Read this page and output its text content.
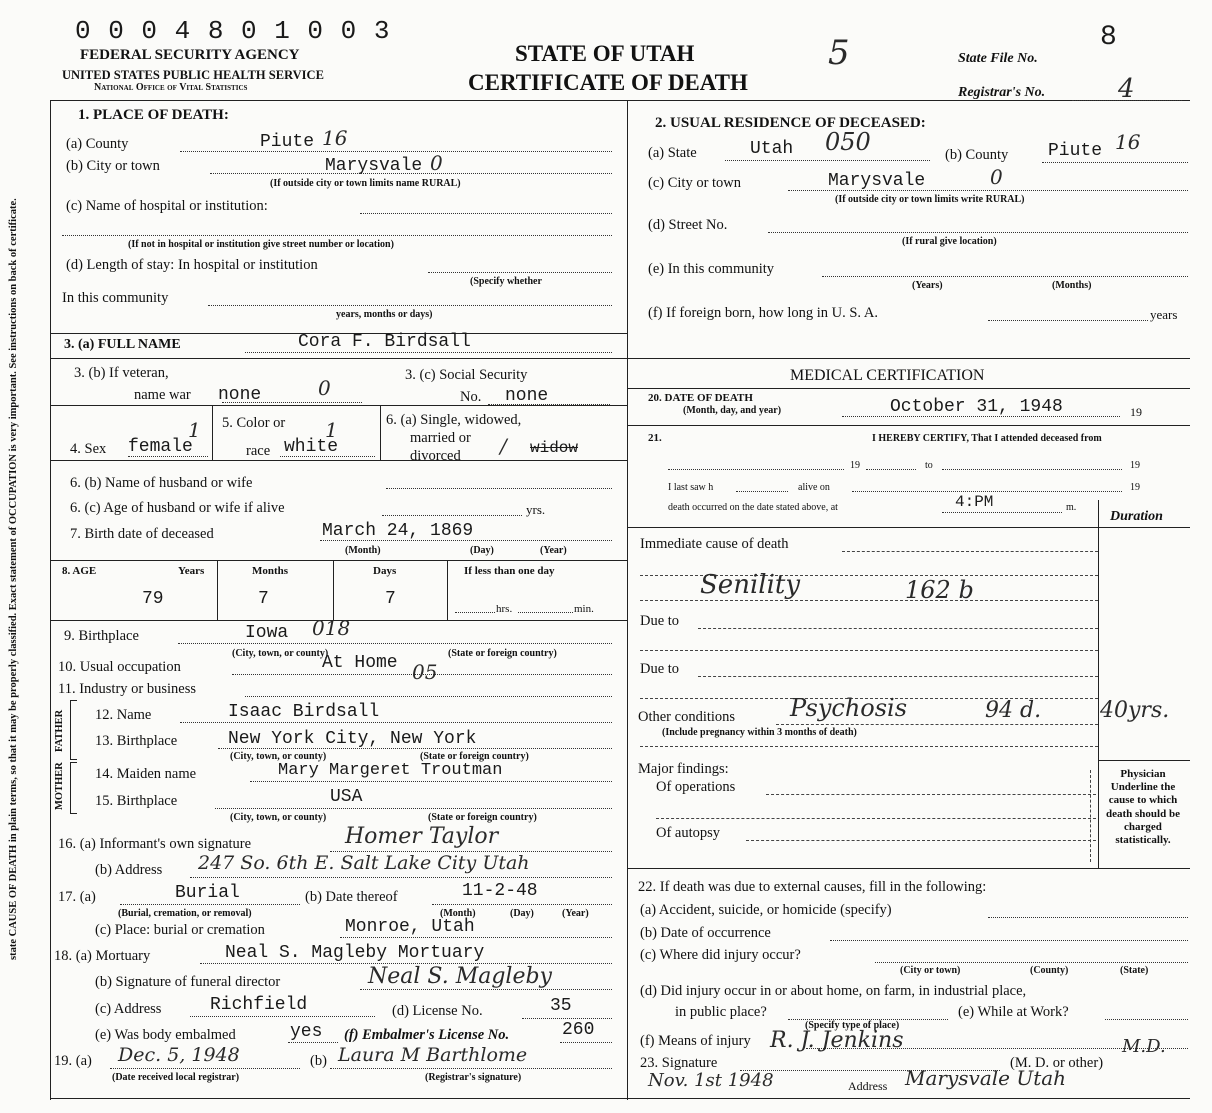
state CAUSE OF DEATH in plain terms, so that it may be properly classified. Exact statement of OCCUPATION is very important. See instructions on back of certificate.
0 0 0 4 8 0 1 0 0 3
FEDERAL SECURITY AGENCY
UNITED STATES PUBLIC HEALTH SERVICE
National Office of Vital Statistics
STATE OF UTAH
CERTIFICATE OF DEATH
5	State File No.
8
Registrar's No.	4
1. PLACE OF DEATH:
(a) County	Piute 16
(b) City or town	Marysvale 0
(If outside city or town limits name RURAL)
(c) Name of hospital or institution:
(If not in hospital or institution give street number or location)
(d) Length of stay: In hospital or institution
(Specify whether
In this community
years, months or days)
2. USUAL RESIDENCE OF DECEASED:
(a) State	Utah 050	(b) County Piute 16
(c) City or town	Marysvale	0
(If outside city or town limits write RURAL)
(d) Street No.
(If rural give location)
(e) In this community
(Years)	(Months)
(f) If foreign born, how long in U. S. A.	years
3. (a) FULL NAME	Cora F. Birdsall
3. (b) If veteran,
name war none	0
3. (c) Social Security
No. none
4. Sex female
1 5. Color or
race white
1	6. (a) Single, widowed,
married or
divorced / widow
6. (b) Name of husband or wife
6. (c) Age of husband or wife if alive	yrs.
7. Birth date of deceased	March 24, 1869
(Month)	(Day)	(Year)
8. AGE	Years	Months	Days	If less than one day
79	7	7	hrs.	min.
9. Birthplace	Iowa 018
(City, town, or county)	(State or foreign country)
10. Usual occupation	At Home 05
11. Industry or business
FATHER
MOTHER
12. Name	Isaac Birdsall
13. Birthplace	New York City, New York
(City, town, or county)	(State or foreign country)
14. Maiden name	Mary Margeret Troutman
15. Birthplace	USA
(City, town, or county)	(State or foreign country)
16. (a) Informant's own signature	Homer Taylor
(b) Address 247 So. 6th E. Salt Lake City Utah
17. (a)	Burial
(Burial, cremation, or removal)
(b) Date thereof	11-2-48
(Month)	(Day)	(Year)
(c) Place: burial or cremation	Monroe, Utah
18. (a) Mortuary	Neal S. Magleby Mortuary
(b) Signature of funeral director	Neal S. Magleby
(c) Address	Richfield	(d) License No.	35
(e) Was body embalmed	yes (f) Embalmer's License No.	260
19. (a) Dec. 5, 1948
(Date received local registrar)
(b) Laura M Barthlome
(Registrar's signature)
MEDICAL CERTIFICATION
20. DATE OF DEATH
(Month, day, and year)	October 31, 1948	19
21.	I HEREBY CERTIFY, That I attended deceased from
19	to	19
I last saw h	alive on	19
death occurred on the date stated above, at	4:PM	m.
Duration
Immediate cause of death
Senility	162 b
Due to
Due to
Other conditions Psychosis	94 d.	40yrs.
(Include pregnancy within 3 months of death)
Major findings:
Of operations
Of autopsy
Physician Underline the cause to which death should be charged statistically.
22. If death was due to external causes, fill in the following:
(a) Accident, suicide, or homicide (specify)
(b) Date of occurrence
(c) Where did injury occur?
(City or town)	(County)	(State)
(d) Did injury occur in or about home, on farm, in industrial place,
in public place?
(Specify type of place)
(e) While at Work?
(f) Means of injury
23. Signature
R. J. Jenkins
(M. D. or other)
M.D.
Nov. 1st 1948	Address Marysvale Utah
